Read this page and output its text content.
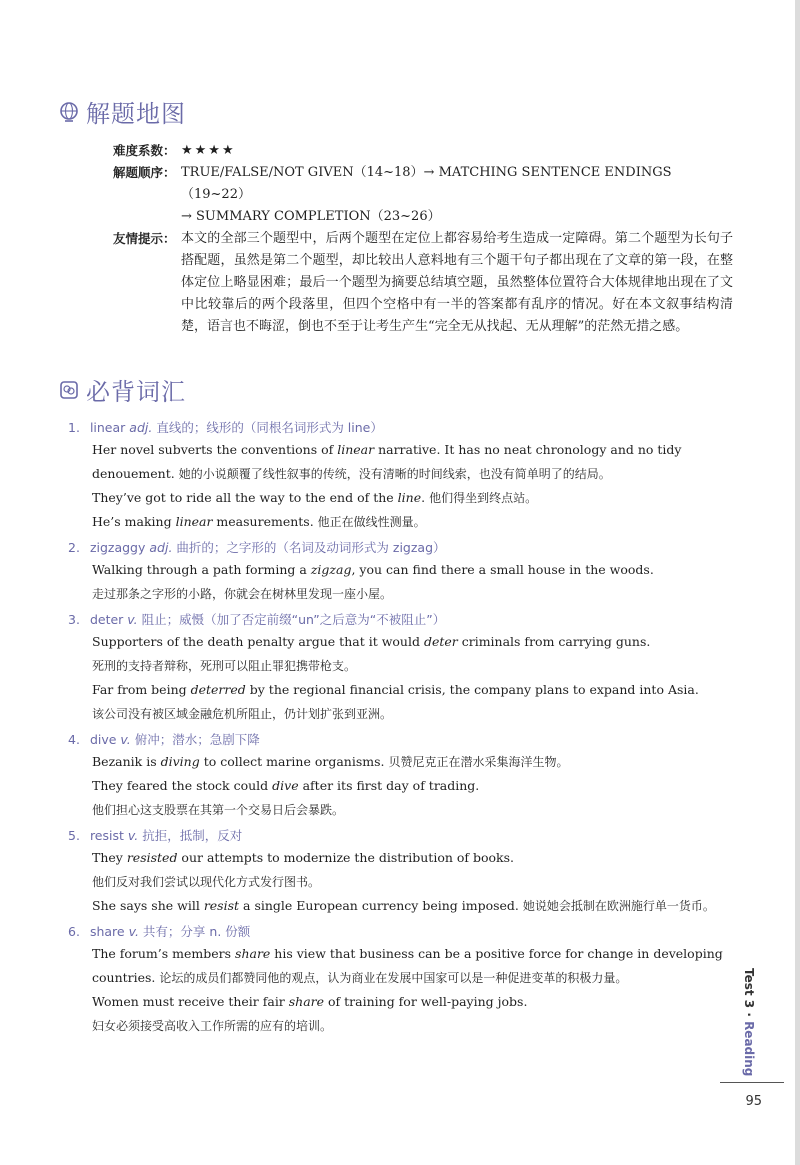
解题地图
难度系数： ★★★★
解题顺序： TRUE/FALSE/NOT GIVEN（14~18）→ MATCHING SENTENCE ENDINGS（19~22）
→ SUMMARY COMPLETION（23~26）
友情提示： 本文的全部三个题型中，后两个题型在定位上都容易给考生造成一定障碍。第二个题型为长句子搭配题，虽然是第二个题型，却比较出人意料地有三个题干句子都出现在了文章的第一段，在整体定位上略显困难；最后一个题型为摘要总结填空题，虽然整体位置符合大体规律地出现在了文中比较靠后的两个段落里，但四个空格中有一半的答案都有乱序的情况。好在本文叙事结构清楚，语言也不晦涩，倒也不至于让考生产生“完全无从找起、无从理解”的茫然无措之感。
必背词汇
1. linear adj. 直线的；线形的（同根名词形式为 line）
Her novel subverts the conventions of linear narrative. It has no neat chronology and no tidy denouement. 她的小说颠覆了线性叙事的传统，没有清晰的时间线索，也没有简单明了的结局。
They’ve got to ride all the way to the end of the line. 他们得坐到终点站。
He’s making linear measurements. 他正在做线性测量。
2. zigzaggy adj. 曲折的；之字形的（名词及动词形式为 zigzag）
Walking through a path forming a zigzag, you can find there a small house in the woods.
走过那条之字形的小路，你就会在树林里发现一座小屋。
3. deter v. 阻止；威慑（加了否定前缀“un”之后意为“不被阻止”）
Supporters of the death penalty argue that it would deter criminals from carrying guns.
死刑的支持者辩称，死刑可以阻止罪犯携带枪支。
Far from being deterred by the regional financial crisis, the company plans to expand into Asia.
该公司没有被区域金融危机所阻止，仍计划扩张到亚洲。
4. dive v. 俯冲；潜水；急剧下降
Bezanik is diving to collect marine organisms. 贝赞尼克正在潜水采集海洋生物。
They feared the stock could dive after its first day of trading.
他们担心这支股票在其第一个交易日后会暴跌。
5. resist v. 抗拒，抵制，反对
They resisted our attempts to modernize the distribution of books.
他们反对我们尝试以现代化方式发行图书。
She says she will resist a single European currency being imposed. 她说她会抵制在欧洲施行单一货币。
6. share v. 共有；分享 n. 份额
The forum’s members share his view that business can be a positive force for change in developing countries. 论坛的成员们都赞同他的观点，认为商业在发展中国家可以是一种促进变革的积极力量。
Women must receive their fair share of training for well-paying jobs.
妇女必须接受高收入工作所需的应有的培训。
Test 3 · Reading
95
